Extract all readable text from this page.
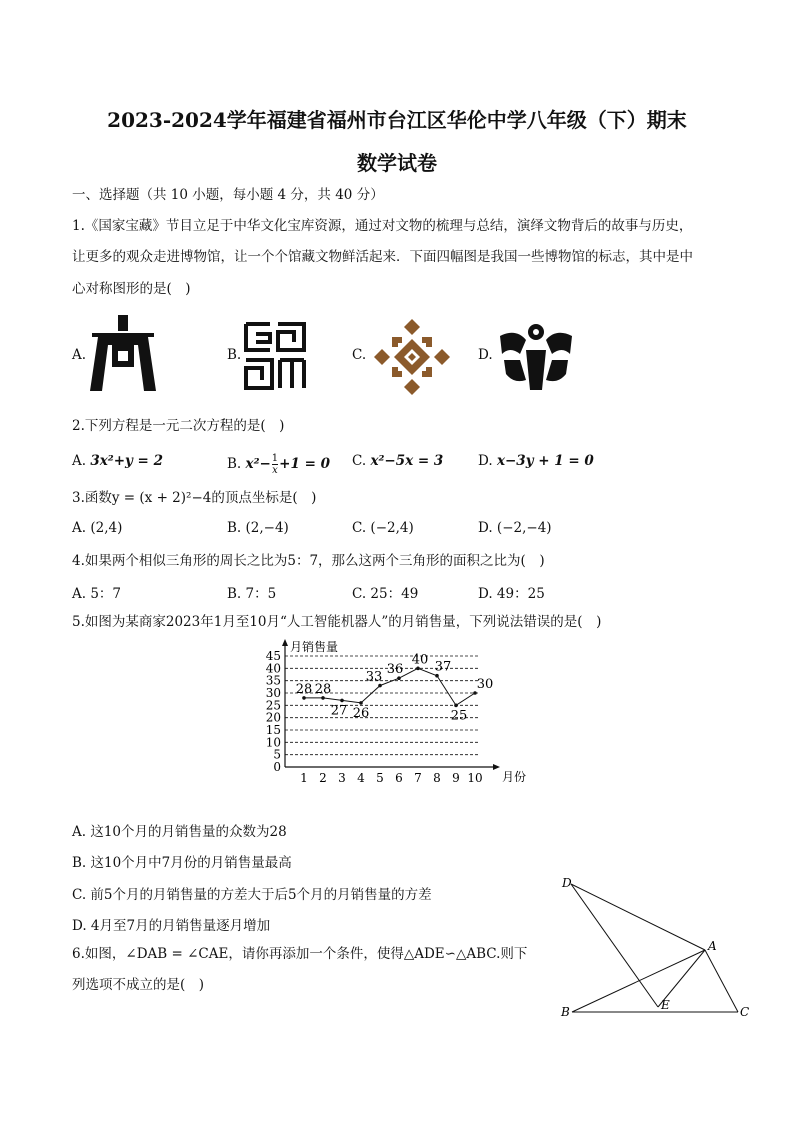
2023-2024学年福建省福州市台江区华伦中学八年级（下）期末
数学试卷
一、选择题（共 10 小题，每小题 4 分，共 40 分）
1.《国家宝藏》节目立足于中华文化宝库资源，通过对文物的梳理与总结，演绎文物背后的故事与历史，
让更多的观众走进博物馆，让一个个馆藏文物鲜活起来．下面四幅图是我国一些博物馆的标志，其中是中
心对称图形的是(　)
A.	B.	C.	D.
2.下列方程是一元二次方程的是(　)
A. 3x²+y = 2	B. $x^2- \frac{1}{x} +1 = 0$ C. x²−5x = 3	D. x−3y + 1 = 0
3.函数y = (x + 2)²−4的顶点坐标是(　)
A. (2,4)	B. (2,−4)	C. (−2,4)	D. (−2,−4)
4.如果两个相似三角形的周长之比为5：7，那么这两个三角形的面积之比为(　)
A. 5：7	B. 7：5	C. 25：49	D. 49：25
5.如图为某商家2023年1月至10月“人工智能机器人”的月销售量，下列说法错误的是(　)
0
5
10
15
20
25
30
35
40
45
1 2 3 4 5 6 7 8 9 10
月销售量
月份
28 28
27 26
33 36
40 37
25
30
A. 这10个月的月销售量的众数为28
B. 这10个月中7月份的月销售量最高
C. 前5个月的月销售量的方差大于后5个月的月销售量的方差
D. 4月至7月的月销售量逐月增加
6.如图，∠DAB = ∠CAE，请你再添加一个条件，使得△ADE∽△ABC.则下
列选项不成立的是(　)
D
A
B	E	C
